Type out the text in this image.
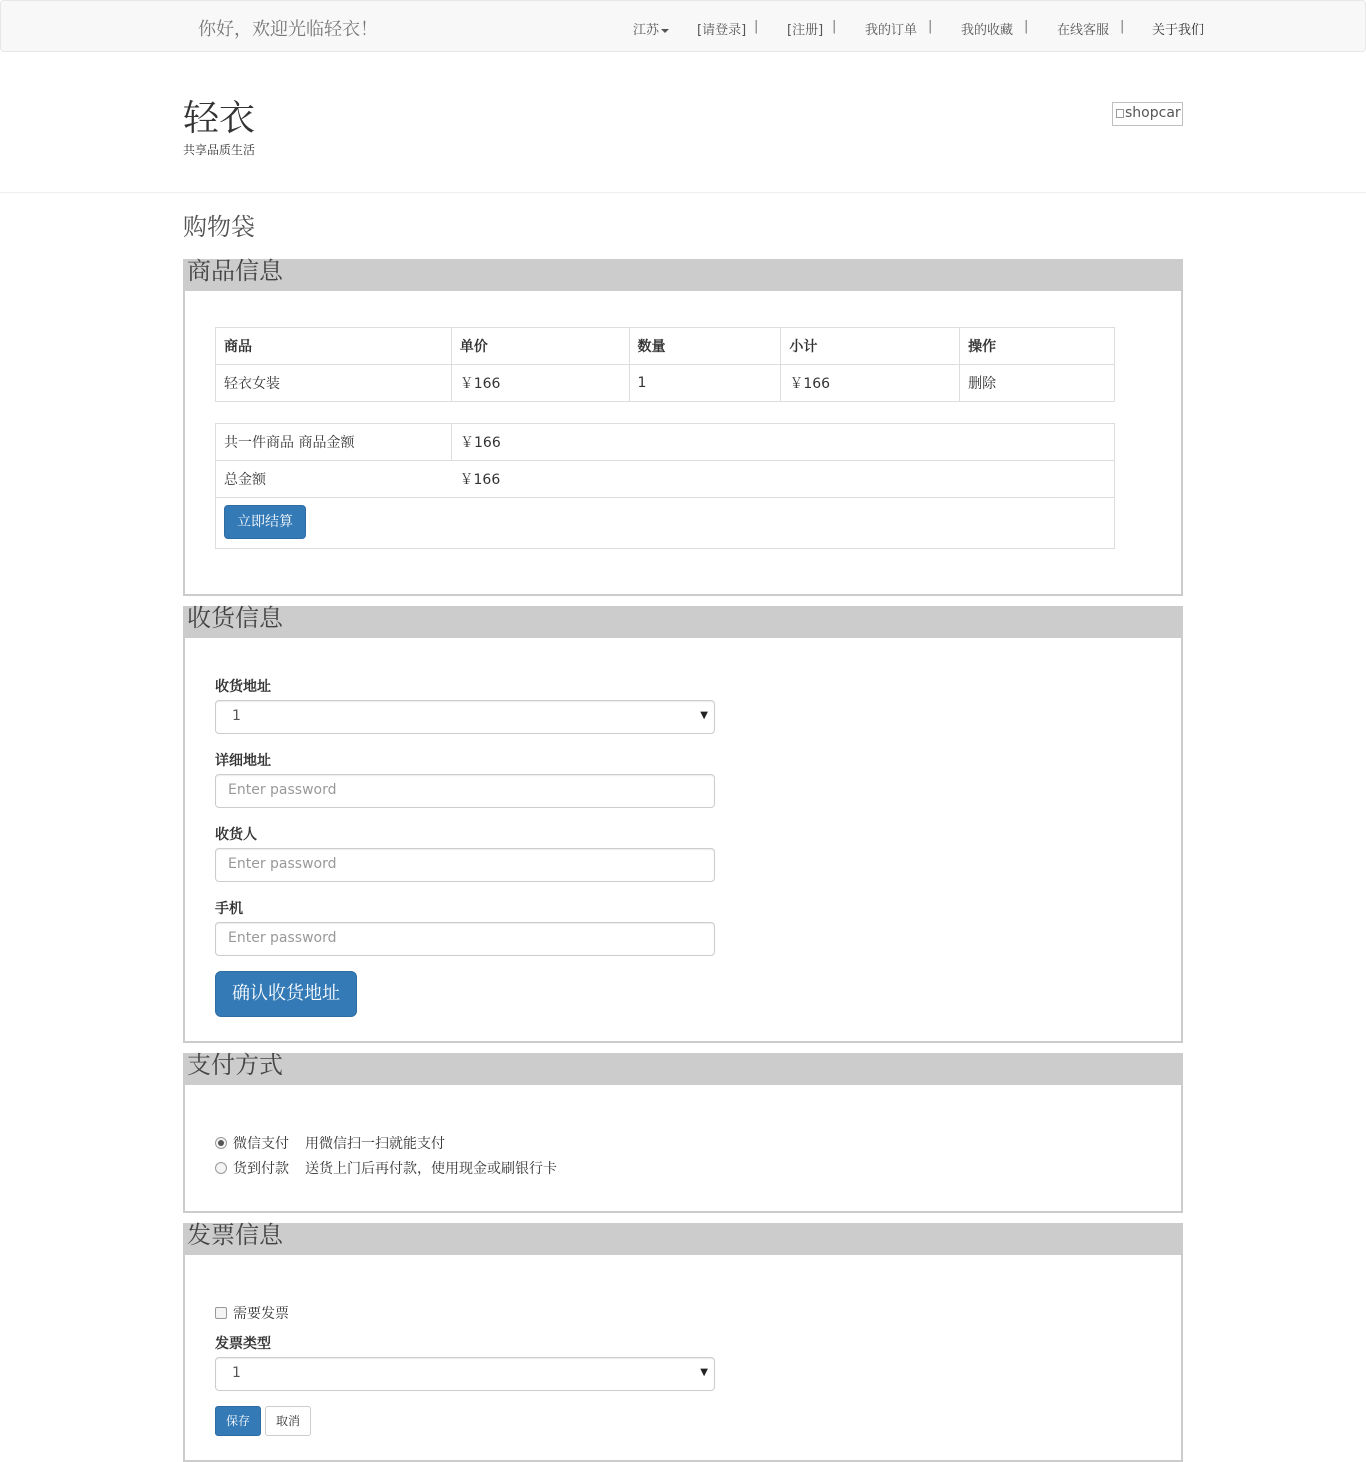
你好，欢迎光临轻衣！	江苏	[请登录] | [注册] | 我的订单 | 我的收藏 | 在线客服 | 关于我们
轻衣
共享品质生活
shopcar
购物袋
商品信息
商品	单价	数量	小计	操作
轻衣女装	￥166	1	￥166	删除
共一件商品 商品金额	￥166
总金额	￥166

立即结算
收货信息
收货地址
1	▼
详细地址
Enter password
收货人
Enter password
手机
Enter password
确认收货地址
支付方式
微信支付 用微信扫一扫就能支付
货到付款 送货上门后再付款，使用现金或刷银行卡
发票信息
需要发票
发票类型
1	▼
保存	取消
